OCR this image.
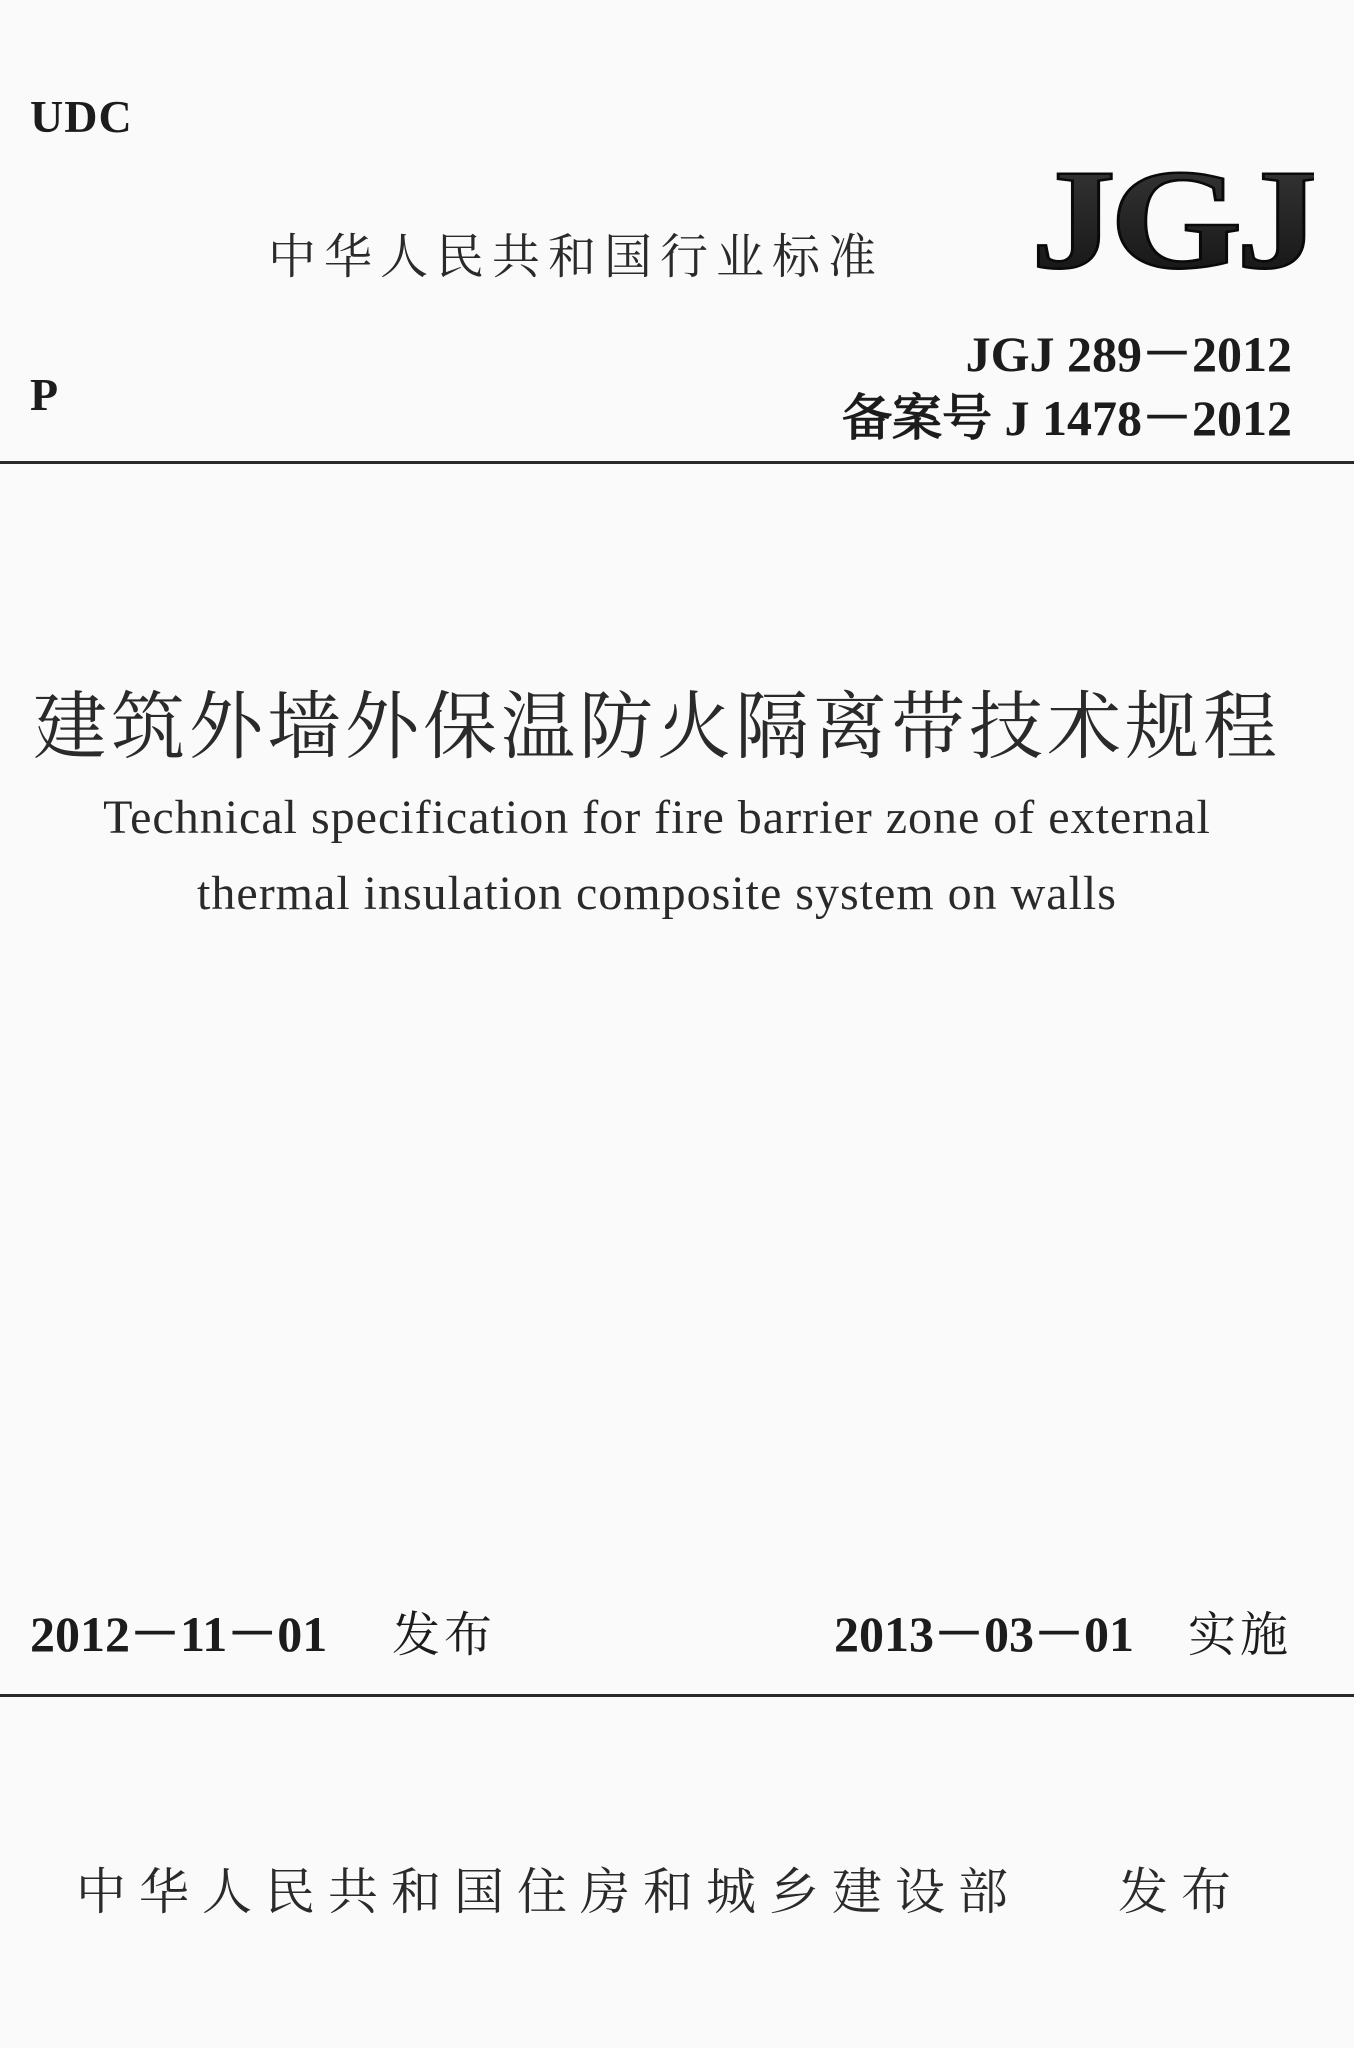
UDC
中华人民共和国行业标准 JGJ
JGJ 289－2012
P	备案号 J 1478－2012
建筑外墙外保温防火隔离带技术规程
Technical specification for fire barrier zone of external
thermal insulation composite system on walls
2012－11－01 发布	2013－03－01 实施
中华人民共和国住房和城乡建设部 发布
